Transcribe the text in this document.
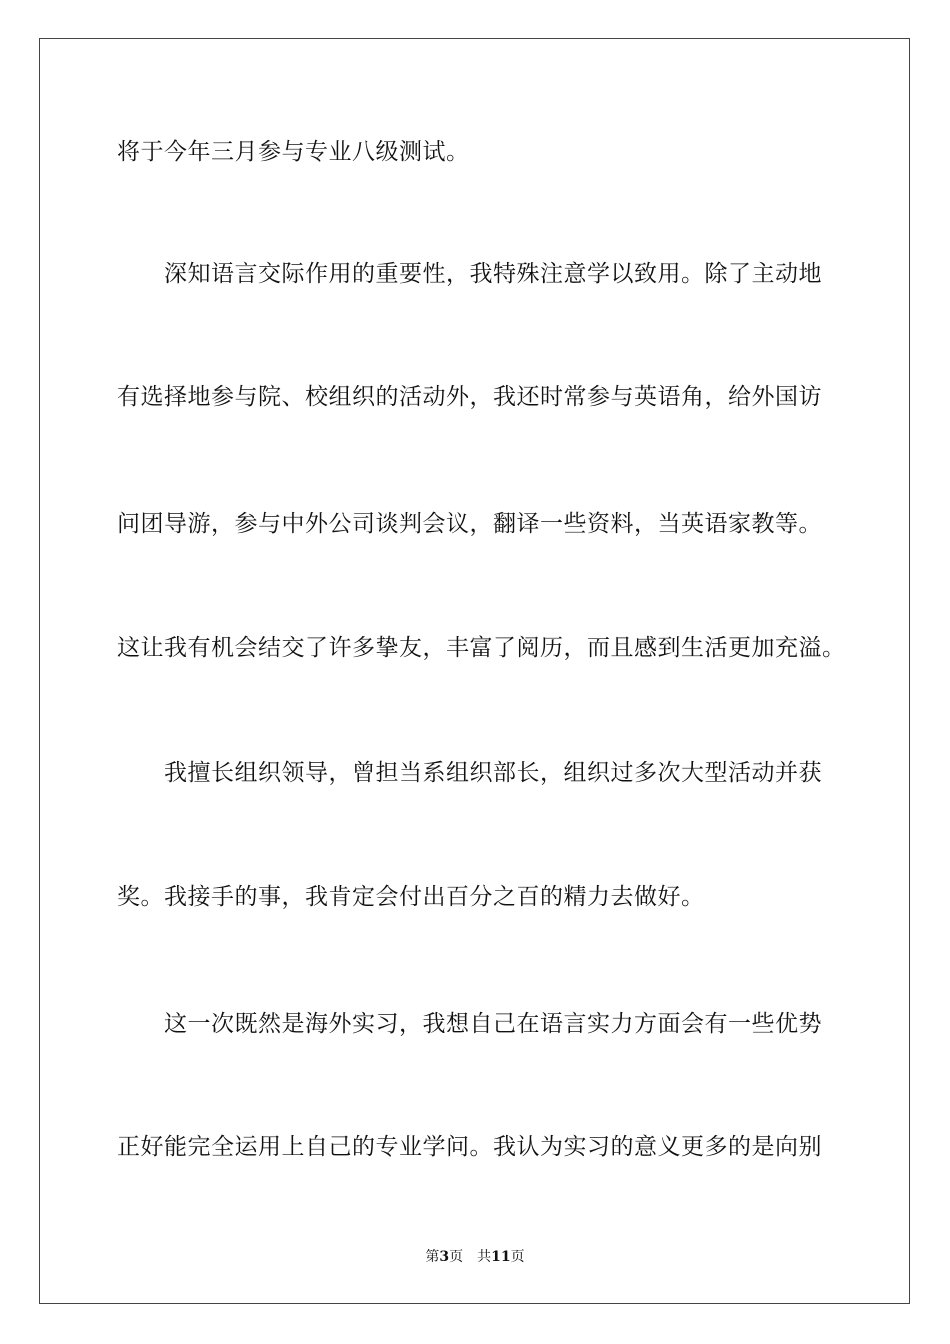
将于今年三月参与专业八级测试。
　　深知语言交际作用的重要性，我特殊注意学以致用。除了主动地
有选择地参与院、校组织的活动外，我还时常参与英语角，给外国访
问团导游，参与中外公司谈判会议，翻译一些资料，当英语家教等。
这让我有机会结交了许多挚友，丰富了阅历，而且感到生活更加充溢。
　　我擅长组织领导，曾担当系组织部长，组织过多次大型活动并获
奖。我接手的事，我肯定会付出百分之百的精力去做好。
　　这一次既然是海外实习，我想自己在语言实力方面会有一些优势
正好能完全运用上自己的专业学问。我认为实习的意义更多的是向别
第3页 共11页
